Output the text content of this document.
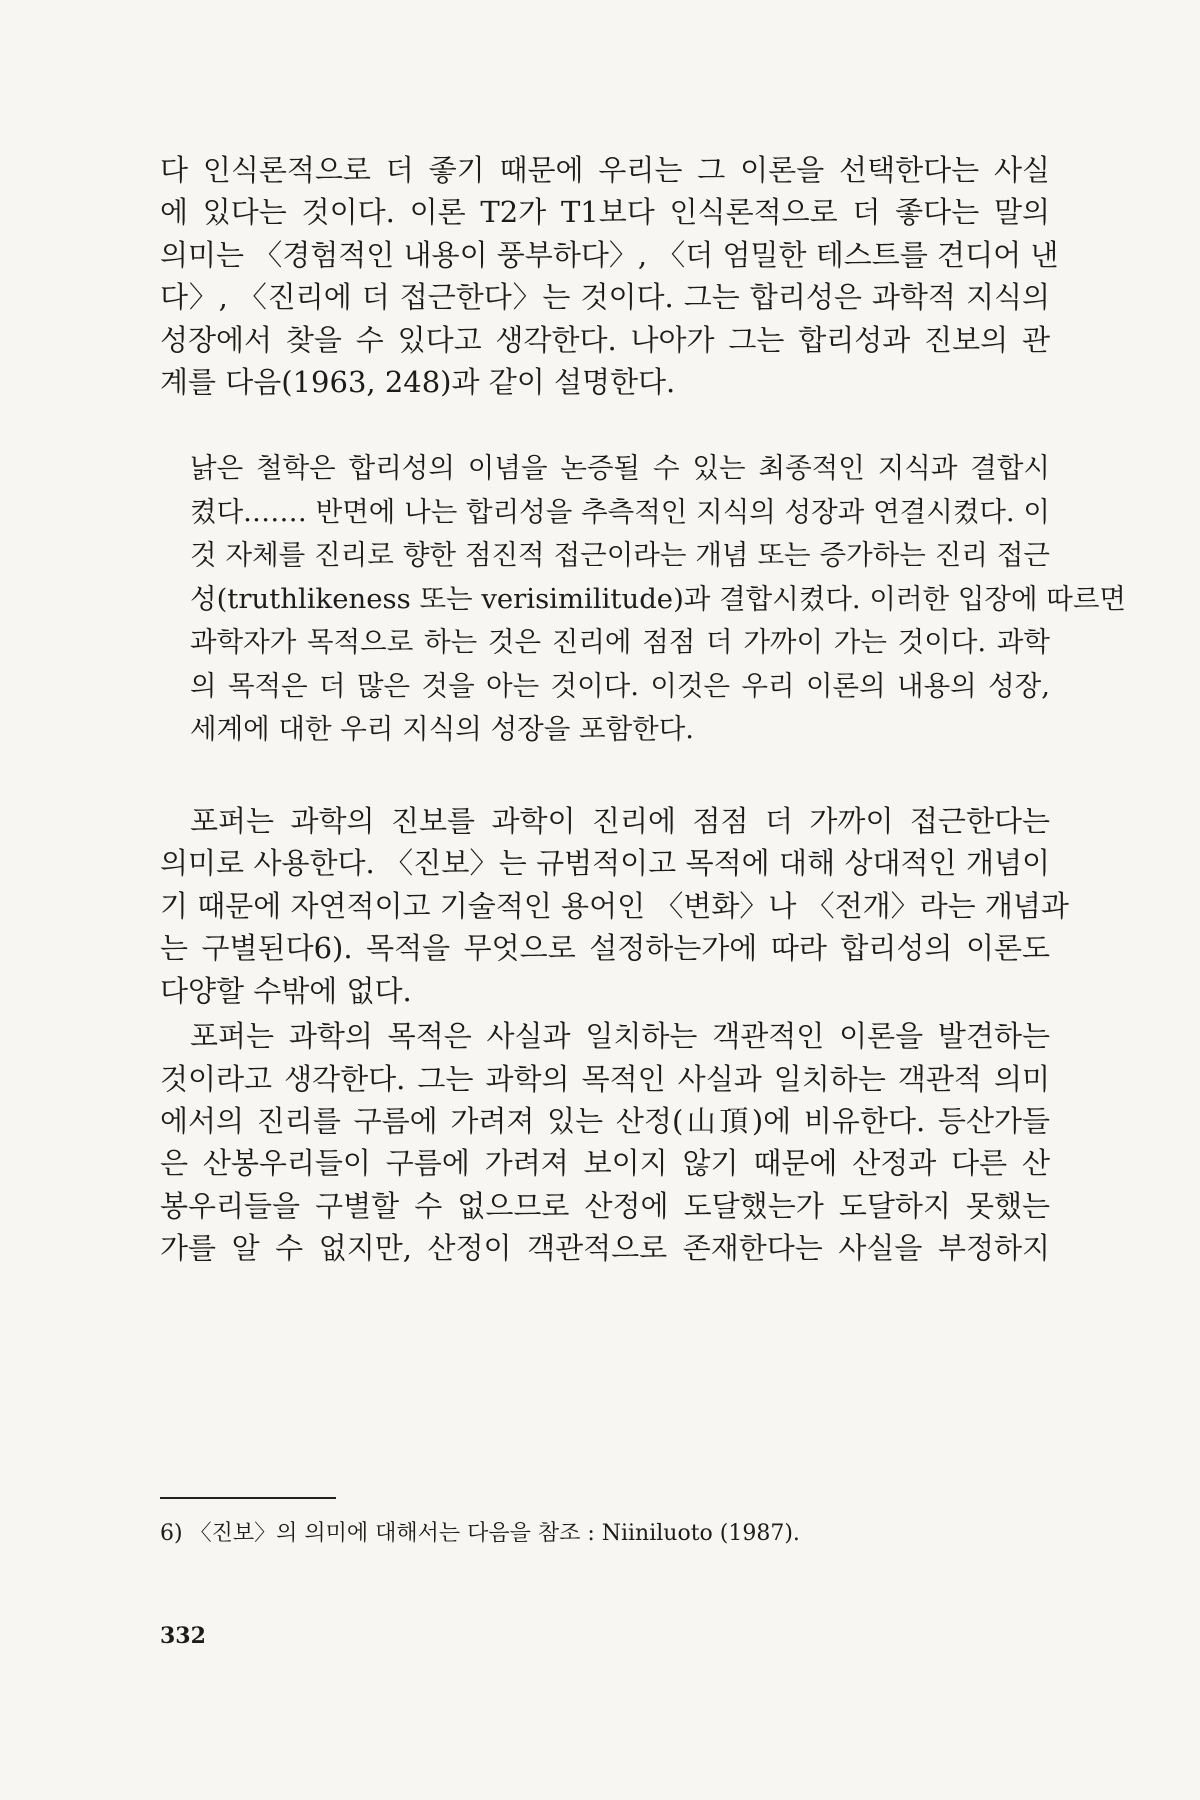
다 인식론적으로 더 좋기 때문에 우리는 그 이론을 선택한다는 사실
에 있다는 것이다. 이론 T2가 T1보다 인식론적으로 더 좋다는 말의
의미는 〈경험적인 내용이 풍부하다〉, 〈더 엄밀한 테스트를 견디어 낸
다〉, 〈진리에 더 접근한다〉는 것이다. 그는 합리성은 과학적 지식의
성장에서 찾을 수 있다고 생각한다. 나아가 그는 합리성과 진보의 관
계를 다음(1963, 248)과 같이 설명한다.
낡은 철학은 합리성의 이념을 논증될 수 있는 최종적인 지식과 결합시
켰다.…… 반면에 나는 합리성을 추측적인 지식의 성장과 연결시켰다. 이
것 자체를 진리로 향한 점진적 접근이라는 개념 또는 증가하는 진리 접근
성(truthlikeness 또는 verisimilitude)과 결합시켰다. 이러한 입장에 따르면
과학자가 목적으로 하는 것은 진리에 점점 더 가까이 가는 것이다. 과학
의 목적은 더 많은 것을 아는 것이다. 이것은 우리 이론의 내용의 성장,
세계에 대한 우리 지식의 성장을 포함한다.
포퍼는 과학의 진보를 과학이 진리에 점점 더 가까이 접근한다는
의미로 사용한다. 〈진보〉는 규범적이고 목적에 대해 상대적인 개념이
기 때문에 자연적이고 기술적인 용어인 〈변화〉나 〈전개〉라는 개념과
는 구별된다6). 목적을 무엇으로 설정하는가에 따라 합리성의 이론도
다양할 수밖에 없다.
포퍼는 과학의 목적은 사실과 일치하는 객관적인 이론을 발견하는
것이라고 생각한다. 그는 과학의 목적인 사실과 일치하는 객관적 의미
에서의 진리를 구름에 가려져 있는 산정(山頂)에 비유한다. 등산가들
은 산봉우리들이 구름에 가려져 보이지 않기 때문에 산정과 다른 산
봉우리들을 구별할 수 없으므로 산정에 도달했는가 도달하지 못했는
가를 알 수 없지만, 산정이 객관적으로 존재한다는 사실을 부정하지
6) 〈진보〉의 의미에 대해서는 다음을 참조 : Niiniluoto (1987).
332
